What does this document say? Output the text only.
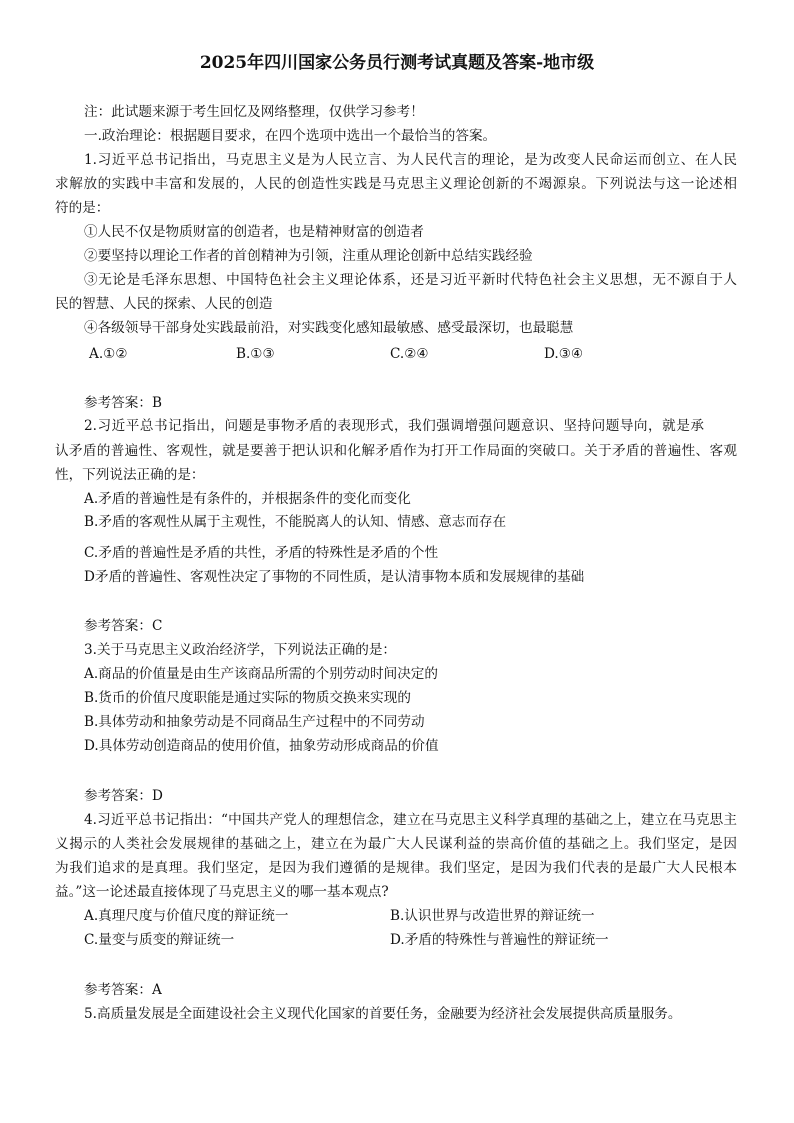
2025年四川国家公务员行测考试真题及答案-地市级
注：此试题来源于考生回忆及网络整理，仅供学习参考！
一.政治理论：根据题目要求，在四个选项中选出一个最恰当的答案。
1.习近平总书记指出，马克思主义是为人民立言、为人民代言的理论，是为改变人民命运而创立、在人民
求解放的实践中丰富和发展的，人民的创造性实践是马克思主义理论创新的不竭源泉。下列说法与这一论述相
符的是：
①人民不仅是物质财富的创造者，也是精神财富的创造者
②要坚持以理论工作者的首创精神为引领，注重从理论创新中总结实践经验
③无论是毛泽东思想、中国特色社会主义理论体系，还是习近平新时代特色社会主义思想，无不源自于人
民的智慧、人民的探索、人民的创造
④各级领导干部身处实践最前沿，对实践变化感知最敏感、感受最深切，也最聪慧
A.①②	B.①③	C.②④	D.③④
参考答案：B
2.习近平总书记指出，问题是事物矛盾的表现形式，我们强调增强问题意识、坚持问题导向，就是承
认矛盾的普遍性、客观性，就是要善于把认识和化解矛盾作为打开工作局面的突破口。关于矛盾的普遍性、客观
性，下列说法正确的是：
A.矛盾的普遍性是有条件的，并根据条件的变化而变化
B.矛盾的客观性从属于主观性，不能脱离人的认知、情感、意志而存在
C.矛盾的普遍性是矛盾的共性，矛盾的特殊性是矛盾的个性
D矛盾的普遍性、客观性决定了事物的不同性质，是认清事物本质和发展规律的基础
参考答案：C
3.关于马克思主义政治经济学，下列说法正确的是：
A.商品的价值量是由生产该商品所需的个别劳动时间决定的
B.货币的价值尺度职能是通过实际的物质交换来实现的
B.具体劳动和抽象劳动是不同商品生产过程中的不同劳动
D.具体劳动创造商品的使用价值，抽象劳动形成商品的价值
参考答案：D
4.习近平总书记指出：“中国共产党人的理想信念，建立在马克思主义科学真理的基础之上，建立在马克思主
义揭示的人类社会发展规律的基础之上，建立在为最广大人民谋利益的崇高价值的基础之上。我们坚定，是因
为我们追求的是真理。我们坚定，是因为我们遵循的是规律。我们坚定，是因为我们代表的是最广大人民根本
益。”这一论述最直接体现了马克思主义的哪一基本观点?
A.真理尺度与价值尺度的辩证统一	B.认识世界与改造世界的辩证统一
C.量变与质变的辩证统一	D.矛盾的特殊性与普遍性的辩证统一
参考答案：A
5.高质量发展是全面建设社会主义现代化国家的首要任务，金融要为经济社会发展提供高质量服务。
